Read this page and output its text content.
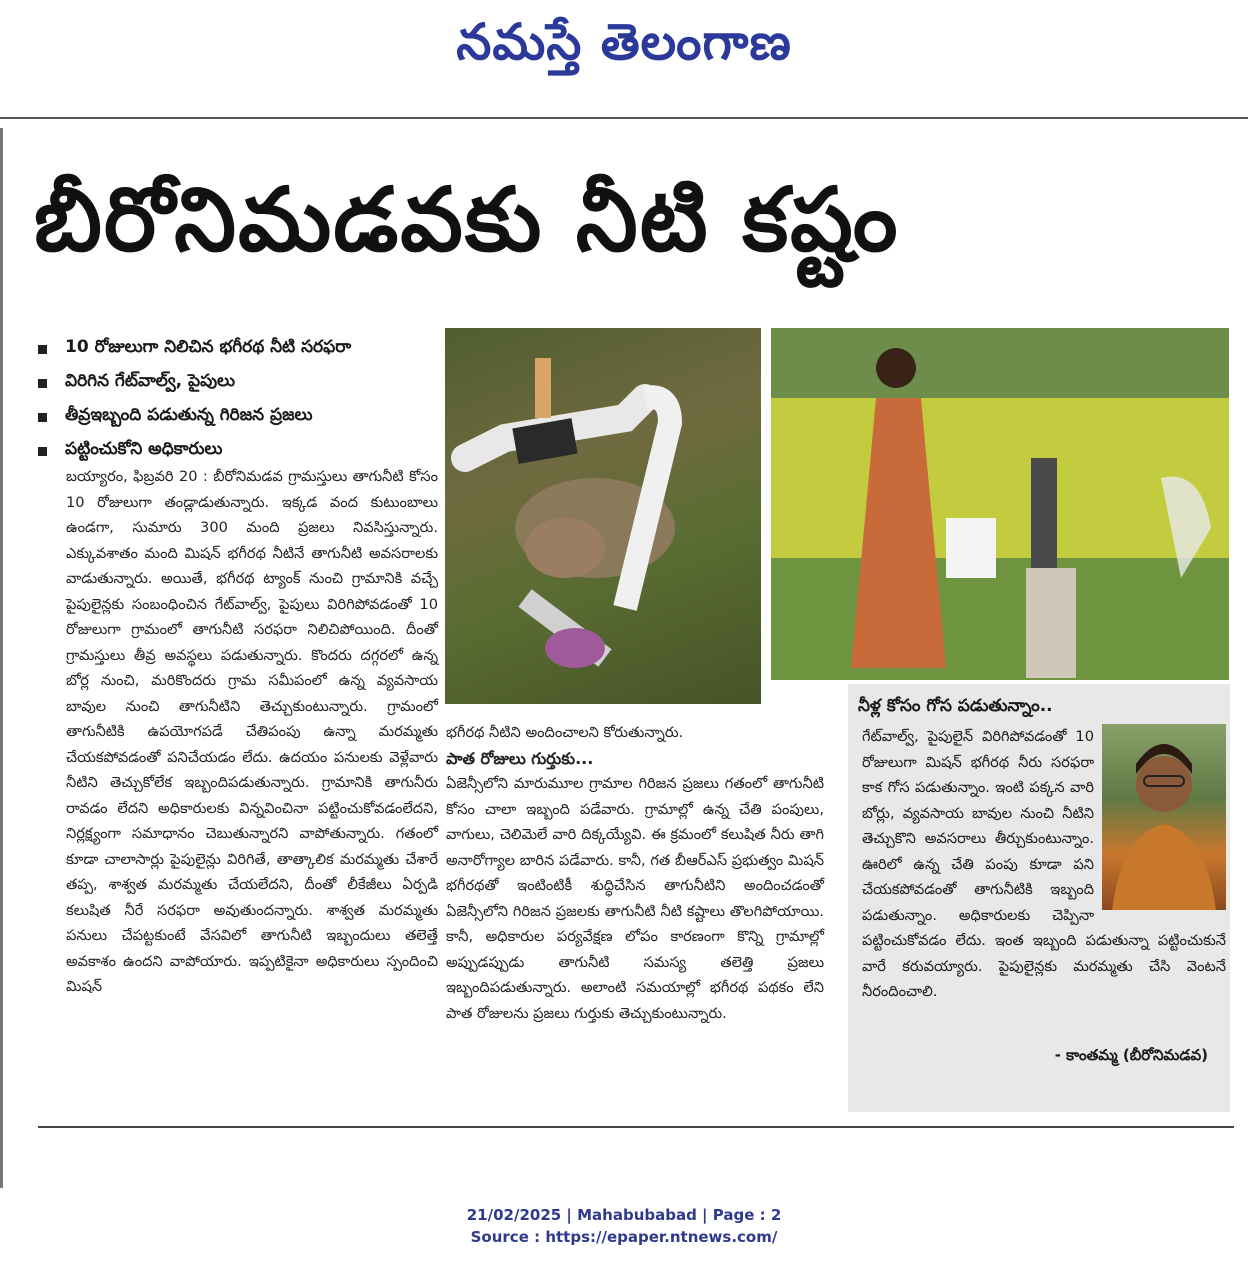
నమస్తే తెలంగాణ
బీరోనిమడవకు నీటి కష్టం
10 రోజులుగా నిలిచిన భగీరథ నీటి సరఫరా
విరిగిన గేట్‌వాల్వ్, పైపులు
తీవ్రఇబ్బంది పడుతున్న గిరిజన ప్రజలు
పట్టించుకోని అధికారులు
బయ్యారం, ఫిబ్రవరి 20 : బీరోనిమడవ గ్రామస్తులు తాగునీటి కోసం 10 రోజులుగా తండ్లాడుతున్నారు. ఇక్కడ వంద కుటుంబాలు ఉండగా, సుమారు 300 మంది ప్రజలు నివసిస్తున్నారు. ఎక్కువశాతం మంది మిషన్ భగీరథ నీటినే తాగునీటి అవసరాలకు వాడుతున్నారు. అయితే, భగీరథ ట్యాంక్ నుంచి గ్రామానికి వచ్చే పైపులైన్లకు సంబంధించిన గేట్‌వాల్వ్, పైపులు విరిగిపోవడంతో 10 రోజులుగా గ్రామంలో తాగునీటి సరఫరా నిలిచిపోయింది. దీంతో గ్రామస్తులు తీవ్ర అవస్థలు పడుతున్నారు. కొందరు దగ్గరలో ఉన్న బోర్ల నుంచి, మరికొందరు గ్రామ సమీపంలో ఉన్న వ్యవసాయ బావుల నుంచి తాగునీటిని తెచ్చుకుంటున్నారు. గ్రామంలో తాగునీటికి ఉపయోగపడే చేతిపంపు ఉన్నా మరమ్మతు చేయకపోవడంతో పనిచేయడం లేదు. ఉదయం పనులకు వెళ్లేవారు నీటిని తెచ్చుకోలేక ఇబ్బందిపడుతున్నారు. గ్రామానికి తాగునీరు రావడం లేదని అధికారులకు విన్నవించినా పట్టించుకోవడంలేదని, నిర్లక్ష్యంగా సమాధానం చెబుతున్నారని వాపోతున్నారు. గతంలో కూడా చాలాసార్లు పైపులైన్లు విరిగితే, తాత్కాలిక మరమ్మతు చేశారే తప్ప, శాశ్వత మరమ్మతు చేయలేదని, దీంతో లీకేజీలు ఏర్పడి కలుషిత నీరే సరఫరా అవుతుందన్నారు. శాశ్వత మరమ్మతు పనులు చేపట్టకుంటే వేసవిలో తాగునీటి ఇబ్బందులు తలెత్తే అవకాశం ఉందని వాపోయారు. ఇప్పటికైనా అధికారులు స్పందించి మిషన్

భగీరథ నీటిని అందించాలని కోరుతున్నారు.

పాత రోజులు గుర్తుకు...

ఏజెన్సీలోని మారుమూల గ్రామాల గిరిజన ప్రజలు గతంలో తాగునీటి కోసం చాలా ఇబ్బంది పడేవారు. గ్రామాల్లో ఉన్న చేతి పంపులు, వాగులు, చెలిమెలే వారి దిక్కయ్యేవి. ఈ క్రమంలో కలుషిత నీరు తాగి అనారోగ్యాల బారిన పడేవారు. కానీ, గత బీఆర్‌ఎస్ ప్రభుత్వం మిషన్ భగీరథతో ఇంటింటికీ శుద్ధిచేసిన తాగునీటిని అందించడంతో ఏజెన్సీలోని గిరిజన ప్రజలకు తాగునీటి నీటి కష్టాలు తొలగిపోయాయి. కానీ, అధికారుల పర్యవేక్షణ లోపం కారణంగా కొన్ని గ్రామాల్లో అప్పుడప్పుడు తాగునీటి సమస్య తలెత్తి ప్రజలు ఇబ్బందిపడుతున్నారు. అలాంటి సమయాల్లో భగీరథ పథకం లేని పాత రోజులను ప్రజలు గుర్తుకు తెచ్చుకుంటున్నారు.

నీళ్ల కోసం గోస పడుతున్నాం..

గేట్‌వాల్వ్, పైపులైన్ విరిగిపోవడంతో 10 రోజులుగా మిషన్ భగీరథ నీరు సరఫరా కాక గోస పడుతున్నాం. ఇంటి పక్కన వారి బోర్లు, వ్యవసాయ బావుల నుంచి నీటిని తెచ్చుకొని అవసరాలు తీర్చుకుంటున్నాం. ఊరిలో ఉన్న చేతి పంపు కూడా పని చేయకపోవడంతో తాగునీటికి ఇబ్బంది పడుతున్నాం. అధికారులకు చెప్పినా పట్టించుకోవడం లేదు. ఇంత ఇబ్బంది పడుతున్నా పట్టించుకునే వారే కరువయ్యారు. పైపులైన్లకు మరమ్మతు చేసి వెంటనే నీరందించాలి.

- కాంతమ్మ (బీరోనిమడవ)
21/02/2025 | Mahabubabad | Page : 2
Source : https://epaper.ntnews.com/
